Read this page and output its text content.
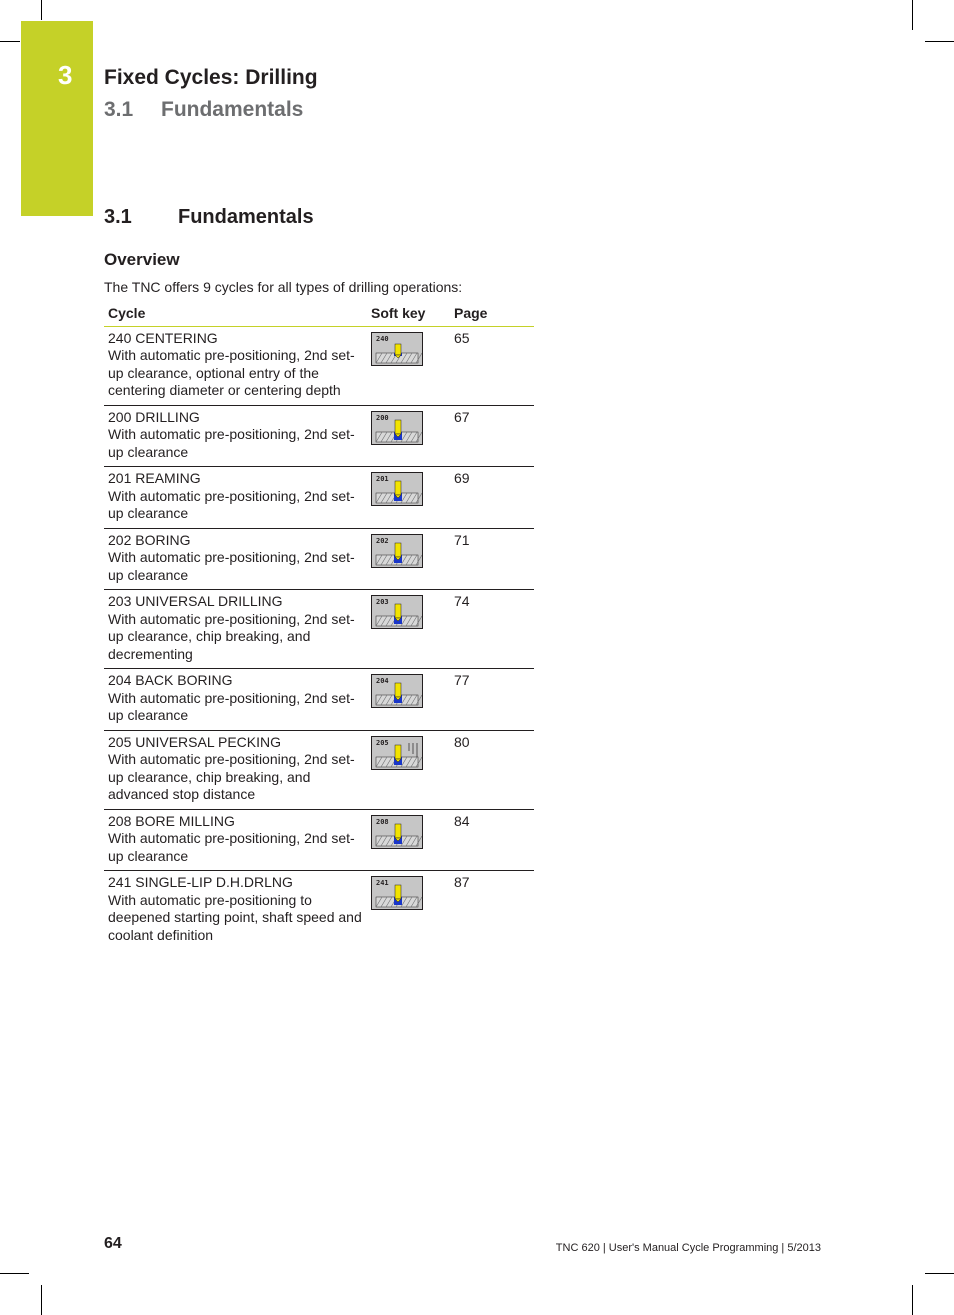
3 Fixed Cycles: Drilling
3.1 Fundamentals
3.1 Fundamentals
Overview
The TNC offers 9 cycles for all types of drilling operations:
Cycle	Soft key	Page

240 CENTERING
With automatic pre-positioning, 2nd set-up clearance, optional entry of the centering diameter or centering depth	240	65

200 DRILLING
With automatic pre-positioning, 2nd set-up clearance	200	67

201 REAMING
With automatic pre-positioning, 2nd set-up clearance	201	69

202 BORING
With automatic pre-positioning, 2nd set-up clearance	202	71

203 UNIVERSAL DRILLING
With automatic pre-positioning, 2nd set-up clearance, chip breaking, and decrementing	203	74

204 BACK BORING
With automatic pre-positioning, 2nd set-up clearance	204	77

205 UNIVERSAL PECKING
With automatic pre-positioning, 2nd set-up clearance, chip breaking, and advanced stop distance	205	80

208 BORE MILLING
With automatic pre-positioning, 2nd set-up clearance	208	84

241 SINGLE-LIP D.H.DRLNG
With automatic pre-positioning to deepened starting point, shaft speed and coolant definition	241	87
64	TNC 620 | User's Manual Cycle Programming | 5/2013
